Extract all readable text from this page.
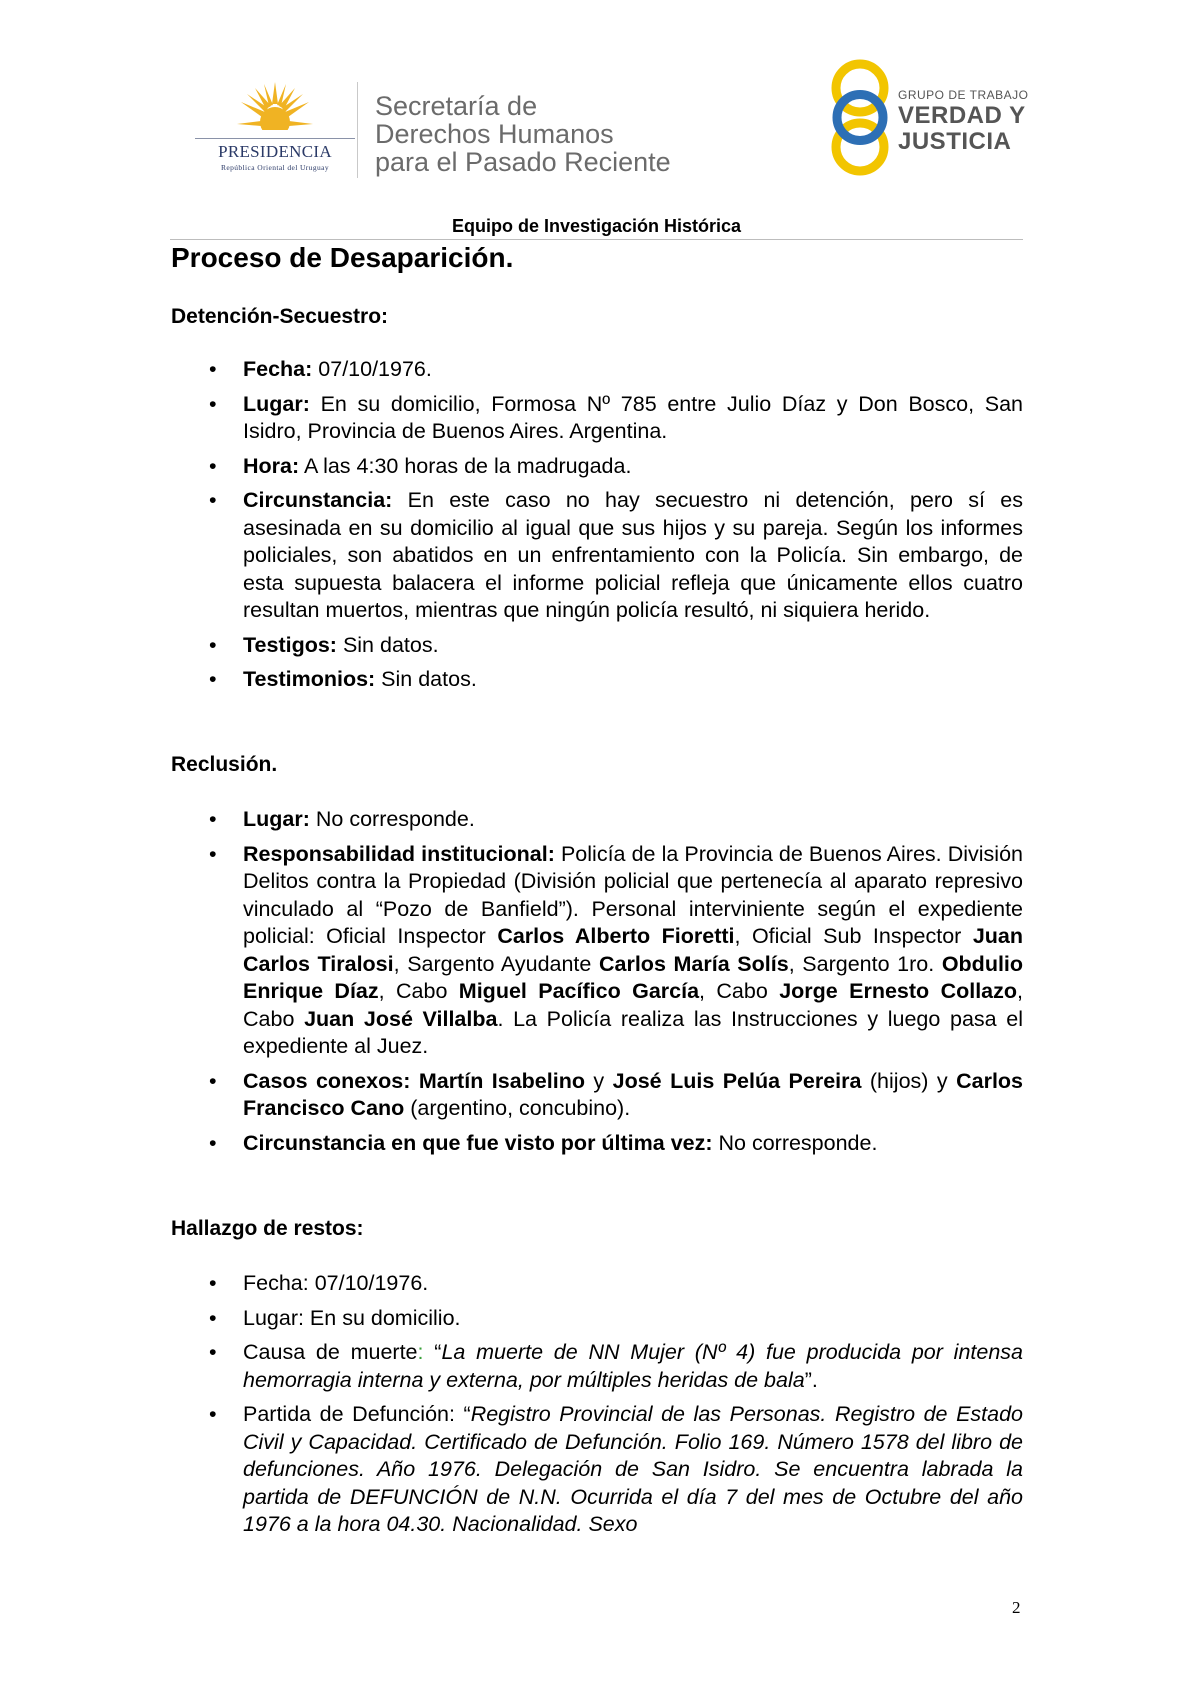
PRESIDENCIA
República Oriental del Uruguay
Secretaría de
Derechos Humanos
para el Pasado Reciente
GRUPO DE TRABAJO
VERDAD Y
JUSTICIA
Equipo de Investigación Histórica
Proceso de Desaparición.
Detención-Secuestro:
• Fecha: 07/10/1976.
• Lugar: En su domicilio, Formosa Nº 785 entre Julio Díaz y Don Bosco, San Isidro, Provincia de Buenos Aires. Argentina.
• Hora: A las 4:30 horas de la madrugada.
• Circunstancia: En este caso no hay secuestro ni detención, pero sí es asesinada en su domicilio al igual que sus hijos y su pareja. Según los informes policiales, son abatidos en un enfrentamiento con la Policía. Sin embargo, de esta supuesta balacera el informe policial refleja que únicamente ellos cuatro resultan muertos, mientras que ningún policía resultó, ni siquiera herido.
• Testigos: Sin datos.
• Testimonios: Sin datos.
Reclusión.
• Lugar: No corresponde.
• Responsabilidad institucional: Policía de la Provincia de Buenos Aires. División Delitos contra la Propiedad (División policial que pertenecía al aparato represivo vinculado al “Pozo de Banfield”). Personal interviniente según el expediente policial: Oficial Inspector Carlos Alberto Fioretti, Oficial Sub Inspector Juan Carlos Tiralosi, Sargento Ayudante Carlos María Solís, Sargento 1ro. Obdulio Enrique Díaz, Cabo Miguel Pacífico García, Cabo Jorge Ernesto Collazo, Cabo Juan José Villalba. La Policía realiza las Instrucciones y luego pasa el expediente al Juez.
• Casos conexos: Martín Isabelino y José Luis Pelúa Pereira (hijos) y Carlos Francisco Cano (argentino, concubino).
• Circunstancia en que fue visto por última vez: No corresponde.
Hallazgo de restos:
• Fecha: 07/10/1976.
• Lugar: En su domicilio.
• Causa de muerte: “La muerte de NN Mujer (Nº 4) fue producida por intensa hemorragia interna y externa, por múltiples heridas de bala”.
• Partida de Defunción: “Registro Provincial de las Personas. Registro de Estado Civil y Capacidad. Certificado de Defunción. Folio 169. Número 1578 del libro de defunciones. Año 1976. Delegación de San Isidro. Se encuentra labrada la partida de DEFUNCIÓN de N.N. Ocurrida el día 7 del mes de Octubre del año 1976 a la hora 04.30. Nacionalidad. Sexo
2
